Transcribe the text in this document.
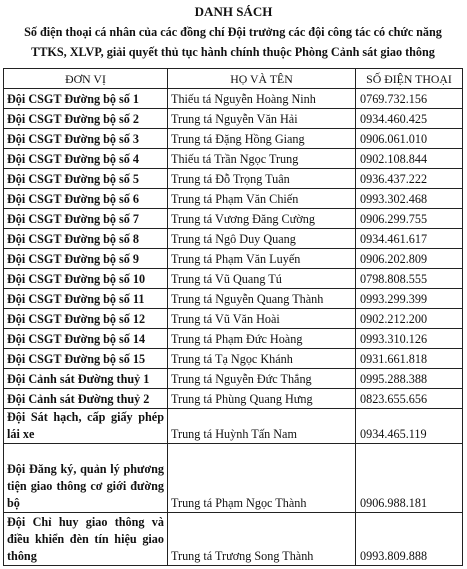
DANH SÁCH
Số điện thoại cá nhân của các đồng chí Đội trưởng các đội công tác có chức năng
TTKS, XLVP, giải quyết thủ tục hành chính thuộc Phòng Cảnh sát giao thông
ĐƠN VỊ	HỌ VÀ TÊN	SỐ ĐIỆN THOẠI
Đội CSGT Đường bộ số 1	Thiếu tá Nguyễn Hoàng Ninh	0769.732.156
Đội CSGT Đường bộ số 2	Trung tá Nguyễn Văn Hải	0934.460.425
Đội CSGT Đường bộ số 3	Trung tá Đặng Hồng Giang	0906.061.010
Đội CSGT Đường bộ số 4	Thiếu tá Trần Ngọc Trung	0902.108.844
Đội CSGT Đường bộ số 5	Trung tá Đỗ Trọng Tuân	0936.437.222
Đội CSGT Đường bộ số 6	Trung tá Phạm Văn Chiến	0993.302.468
Đội CSGT Đường bộ số 7	Trung tá Vương Đăng Cường	0906.299.755
Đội CSGT Đường bộ số 8	Trung tá Ngô Duy Quang	0934.461.617
Đội CSGT Đường bộ số 9	Trung tá Phạm Văn Luyến	0906.202.809
Đội CSGT Đường bộ số 10	Trung tá Vũ Quang Tú	0798.808.555
Đội CSGT Đường bộ số 11	Trung tá Nguyễn Quang Thành	0993.299.399
Đội CSGT Đường bộ số 12	Trung tá Vũ Văn Hoài	0902.212.200
Đội CSGT Đường bộ số 14	Trung tá Phạm Đức Hoàng	0993.310.126
Đội CSGT Đường bộ số 15	Trung tá Tạ Ngọc Khánh	0931.661.818
Đội Cảnh sát Đường thuỷ 1	Trung tá Nguyễn Đức Thắng	0995.288.388
Đội Cảnh sát Đường thuỷ 2	Trung tá Phùng Quang Hưng	0823.655.656
Đội Sát hạch, cấp giấy phép lái xe	Trung tá Huỳnh Tấn Nam	0934.465.119
Đội Đăng ký, quản lý phương tiện giao thông cơ giới đường bộ	Trung tá Phạm Ngọc Thành	0906.988.181
Đội Chỉ huy giao thông và điều khiển đèn tín hiệu giao thông	Trung tá Trương Song Thành	0993.809.888
